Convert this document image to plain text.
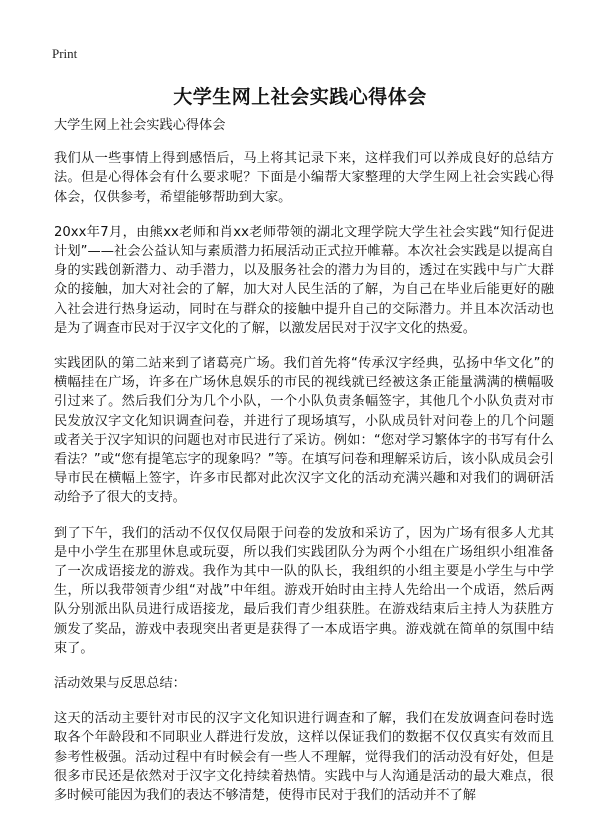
Print
大学生网上社会实践心得体会

大学生网上社会实践心得体会

我们从一些事情上得到感悟后，马上将其记录下来，这样我们可以养成良好的总结方法。但是心得体会有什么要求呢？下面是小编帮大家整理的大学生网上社会实践心得体会，仅供参考，希望能够帮助到大家。

20xx年7月，由熊xx老师和肖xx老师带领的湖北文理学院大学生社会实践“知行促进计划”——社会公益认知与素质潜力拓展活动正式拉开帷幕。本次社会实践是以提高自身的实践创新潜力、动手潜力，以及服务社会的潜力为目的，透过在实践中与广大群众的接触，加大对社会的了解，加大对人民生活的了解，为自己在毕业后能更好的融入社会进行热身运动，同时在与群众的接触中提升自己的交际潜力。并且本次活动也是为了调查市民对于汉字文化的了解，以激发居民对于汉字文化的热爱。

实践团队的第二站来到了诸葛亮广场。我们首先将“传承汉字经典，弘扬中华文化”的横幅挂在广场，许多在广场休息娱乐的市民的视线就已经被这条正能量满满的横幅吸引过来了。然后我们分为几个小队，一个小队负责条幅签字，其他几个小队负责对市民发放汉字文化知识调查问卷，并进行了现场填写，小队成员针对问卷上的几个问题或者关于汉字知识的问题也对市民进行了采访。例如：“您对学习繁体字的书写有什么看法？”或“您有提笔忘字的现象吗？”等。在填写问卷和理解采访后，该小队成员会引导市民在横幅上签字，许多市民都对此次汉字文化的活动充满兴趣和对我们的调研活动给予了很大的支持。

到了下午，我们的活动不仅仅仅局限于问卷的发放和采访了，因为广场有很多人尤其是中小学生在那里休息或玩耍，所以我们实践团队分为两个小组在广场组织小组准备了一次成语接龙的游戏。我作为其中一队的队长，我组织的小组主要是小学生与中学生，所以我带领青少组“对战”中年组。游戏开始时由主持人先给出一个成语，然后两队分别派出队员进行成语接龙，最后我们青少组获胜。在游戏结束后主持人为获胜方颁发了奖品，游戏中表现突出者更是获得了一本成语字典。游戏就在简单的氛围中结束了。

活动效果与反思总结：

这天的活动主要针对市民的汉字文化知识进行调查和了解，我们在发放调查问卷时选取各个年龄段和不同职业人群进行发放，这样以保证我们的数据不仅仅真实有效而且参考性极强。活动过程中有时候会有一些人不理解，觉得我们的活动没有好处，但是很多市民还是依然对于汉字文化持续着热情。实践中与人沟通是活动的最大难点，很多时候可能因为我们的表达不够清楚，使得市民对于我们的活动并不了解
